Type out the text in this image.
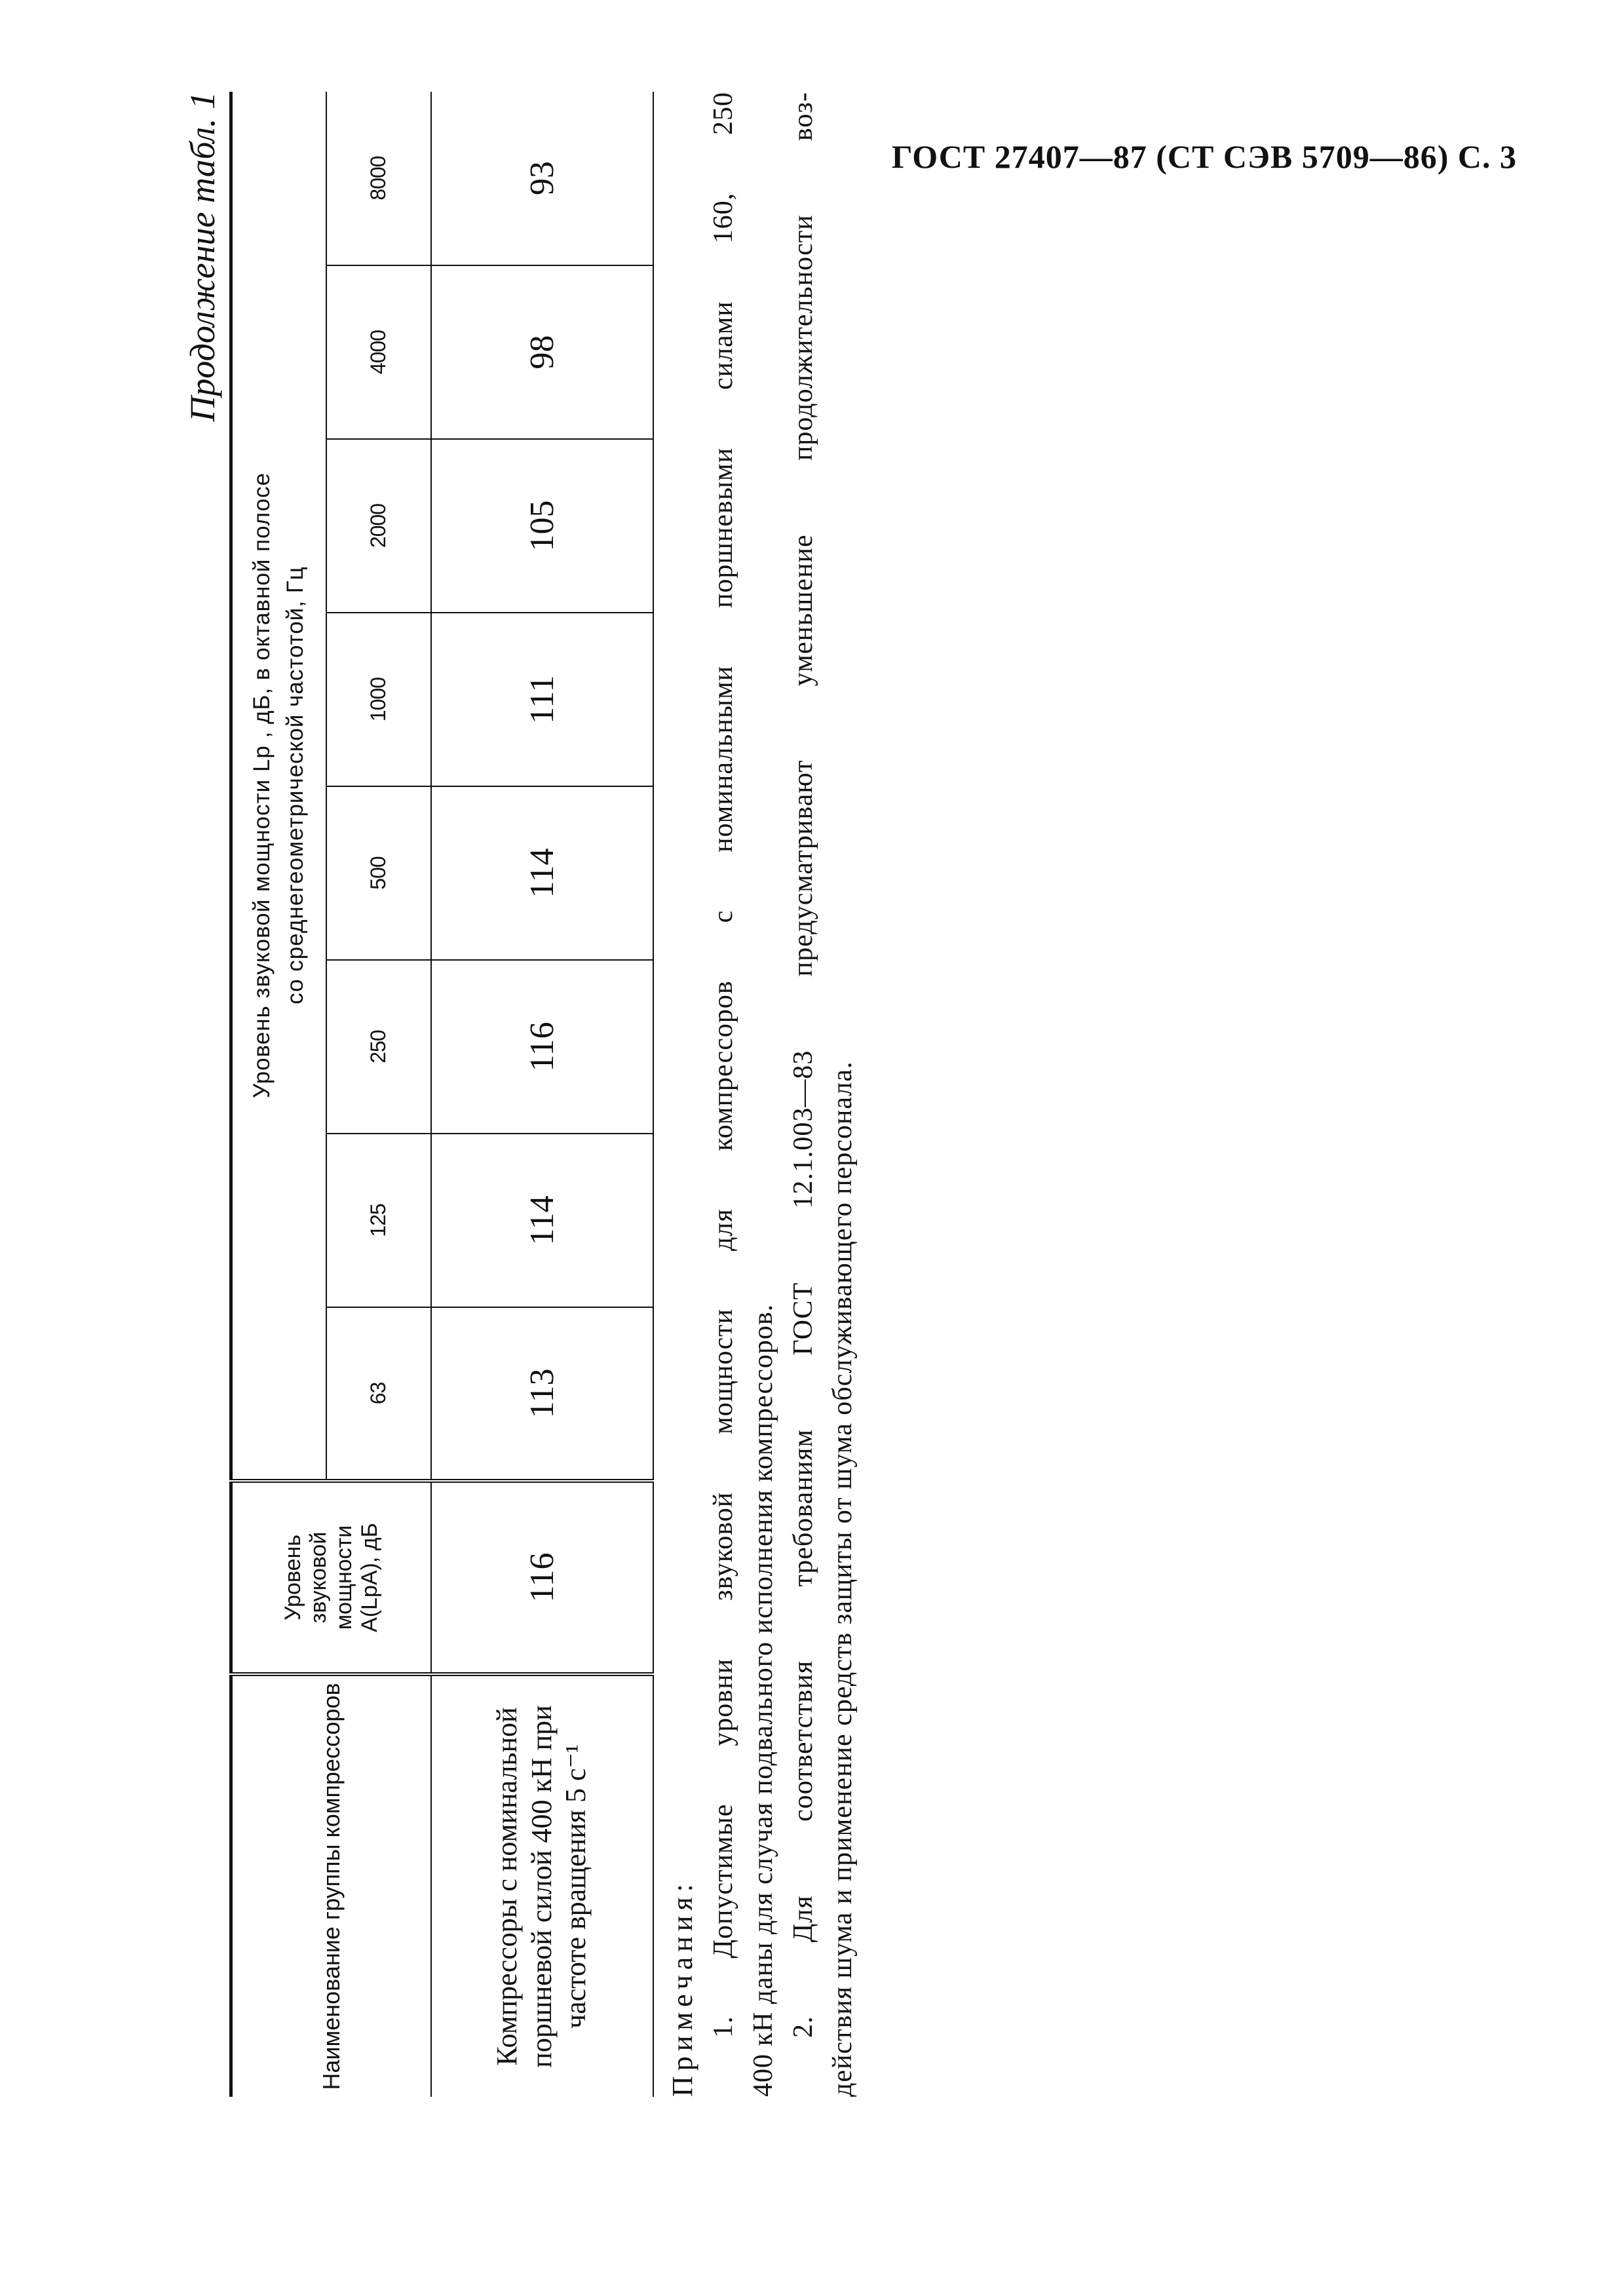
ГОСТ 27407—87 (СТ СЭВ 5709—86) С. 3
Продолжение табл. 1
Наименование группы компрессоров	Уровень звуковой мощности A(LpA), дБ	Уровень звуковой мощности Lp , дБ, в октавной полосе со среднегеометрической частотой, Гц							

		63	125	250	500	1000	2000	4000	8000
Компрессоры с номинальной поршневой силой 400 кН при частоте вращения 5 с⁻¹	116	113	114	116	114	111	105	98	93

Примечания: 1. Допустимые уровни звуковой мощности для компрессоров с номинальными поршневыми силами 160, 250 400 кН даны для случая подвального исполнения компрессоров. 2. Для соответствия требованиям ГОСТ 12.1.003—83 предусматривают уменьшение продолжительности воз- действия шума и применение средств защиты от шума обслуживающего персонала.
